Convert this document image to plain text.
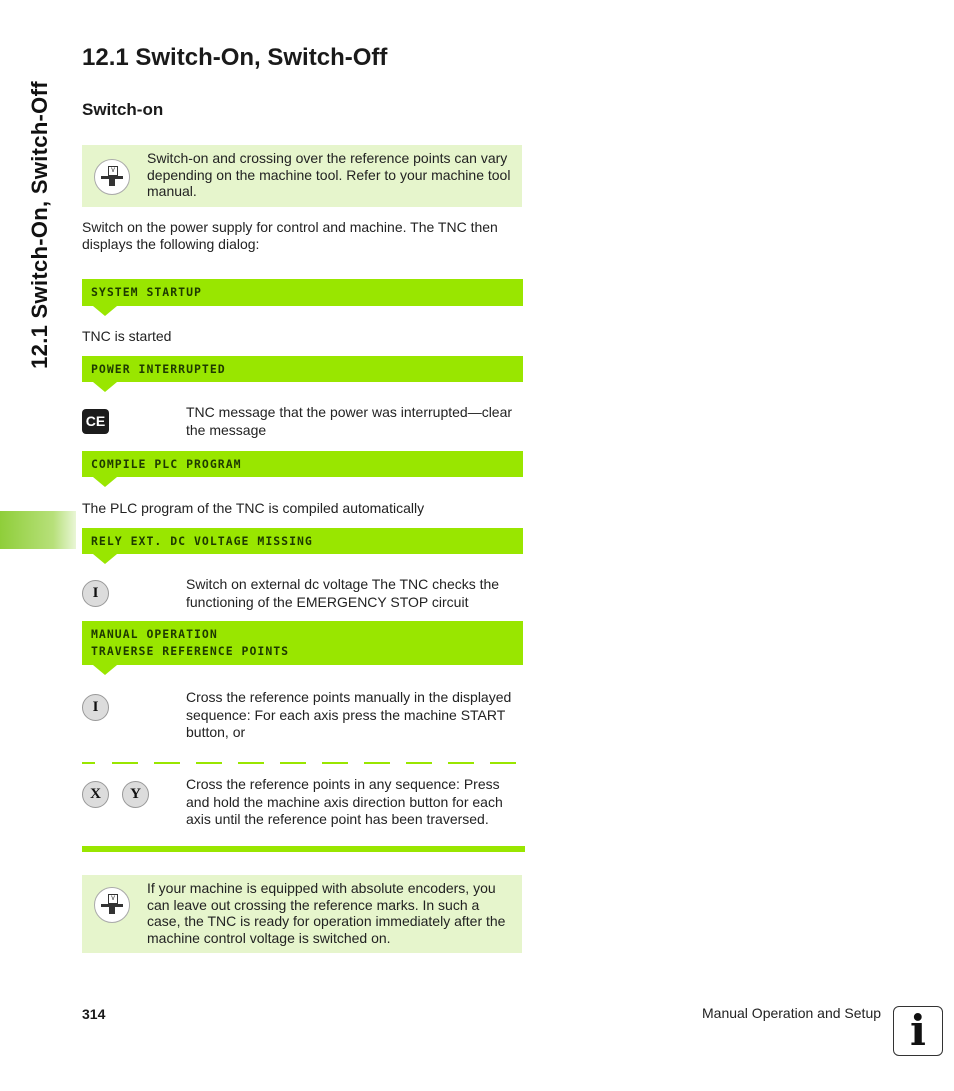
12.1 Switch-On, Switch-Off
12.1 Switch-On, Switch-Off
Switch-on
V
Switch-on and crossing over the reference points can vary depending on the machine tool. Refer to your machine tool manual.
Switch on the power supply for control and machine. The TNC then displays the following dialog:
SYSTEM STARTUP
TNC is started
POWER INTERRUPTED
CE
TNC message that the power was interrupted—clear the message
COMPILE PLC PROGRAM
The PLC program of the TNC is compiled automatically
RELY EXT. DC VOLTAGE MISSING
I
Switch on external dc voltage The TNC checks the functioning of the EMERGENCY STOP circuit
MANUAL OPERATION
TRAVERSE REFERENCE POINTS
I
Cross the reference points manually in the displayed sequence: For each axis press the machine START button, or
X	Y
Cross the reference points in any sequence: Press and hold the machine axis direction button for each axis until the reference point has been traversed.
V
If your machine is equipped with absolute encoders, you can leave out crossing the reference marks. In such a case, the TNC is ready for operation immediately after the machine control voltage is switched on.
314	Manual Operation and Setup i
